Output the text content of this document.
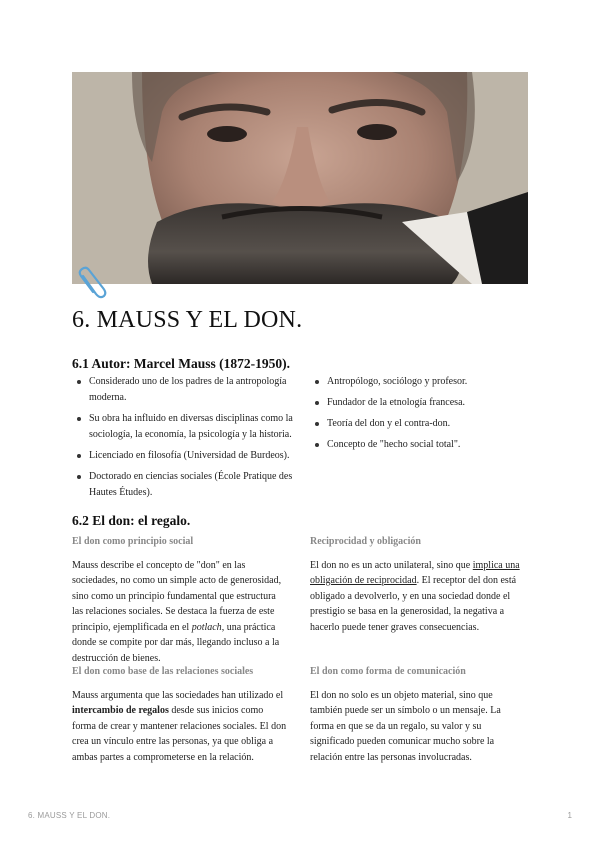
6. MAUSS Y EL DON.
6.1 Autor: Marcel Mauss (1872-1950).
Considerado uno de los padres de la antropología moderna.
Su obra ha influido en diversas disciplinas como la sociología, la economía, la psicología y la historia.
Licenciado en filosofía (Universidad de Burdeos).
Doctorado en ciencias sociales (École Pratique des Hautes Études).
Antropólogo, sociólogo y profesor.
Fundador de la etnología francesa.
Teoría del don y el contra-don.
Concepto de "hecho social total".
6.2 El don: el regalo.
El don como principio social

Mauss describe el concepto de "don" en las sociedades, no como un simple acto de generosidad, sino como un principio fundamental que estructura las relaciones sociales. Se destaca la fuerza de este principio, ejemplificada en el potlach, una práctica donde se compite por dar más, llegando incluso a la destrucción de bienes.

Reciprocidad y obligación

El don no es un acto unilateral, sino que implica una obligación de reciprocidad. El receptor del don está obligado a devolverlo, y en una sociedad donde el prestigio se basa en la generosidad, la negativa a hacerlo puede tener graves consecuencias.

El don como base de las relaciones sociales

Mauss argumenta que las sociedades han utilizado el intercambio de regalos desde sus inicios como forma de crear y mantener relaciones sociales. El don crea un vínculo entre las personas, ya que obliga a ambas partes a comprometerse en la relación.

El don como forma de comunicación

El don no solo es un objeto material, sino que también puede ser un símbolo o un mensaje. La forma en que se da un regalo, su valor y su significado pueden comunicar mucho sobre la relación entre las personas involucradas.

6. MAUSS Y EL DON.	1
